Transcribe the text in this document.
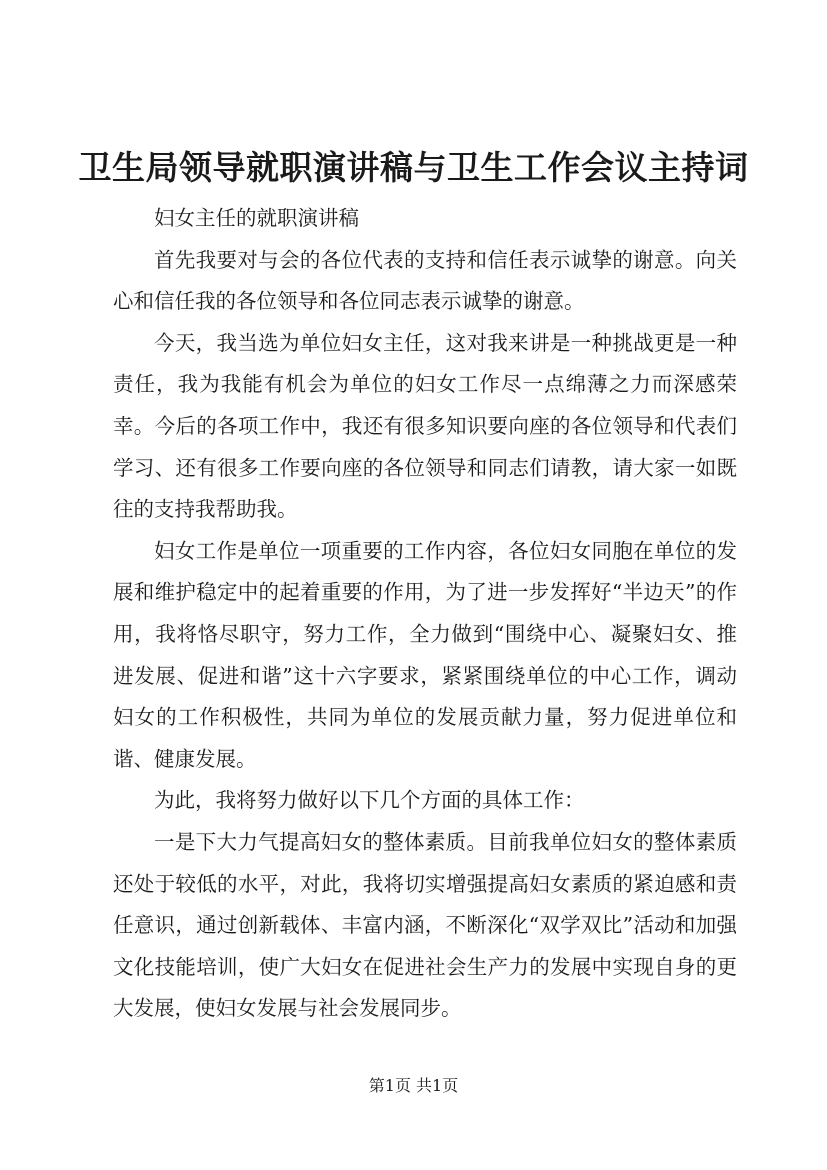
卫生局领导就职演讲稿与卫生工作会议主持词

妇女主任的就职演讲稿

首先我要对与会的各位代表的支持和信任表示诚挚的谢意。向关心和信任我的各位领导和各位同志表示诚挚的谢意。

今天，我当选为单位妇女主任，这对我来讲是一种挑战更是一种责任，我为我能有机会为单位的妇女工作尽一点绵薄之力而深感荣幸。今后的各项工作中，我还有很多知识要向座的各位领导和代表们学习、还有很多工作要向座的各位领导和同志们请教，请大家一如既往的支持我帮助我。

妇女工作是单位一项重要的工作内容，各位妇女同胞在单位的发展和维护稳定中的起着重要的作用，为了进一步发挥好“半边天”的作用，我将恪尽职守，努力工作，全力做到“围绕中心、凝聚妇女、推进发展、促进和谐”这十六字要求，紧紧围绕单位的中心工作，调动妇女的工作积极性，共同为单位的发展贡献力量，努力促进单位和谐、健康发展。

为此，我将努力做好以下几个方面的具体工作：

一是下大力气提高妇女的整体素质。目前我单位妇女的整体素质还处于较低的水平，对此，我将切实增强提高妇女素质的紧迫感和责任意识，通过创新载体、丰富内涵，不断深化“双学双比”活动和加强文化技能培训，使广大妇女在促进社会生产力的发展中实现自身的更大发展，使妇女发展与社会发展同步。

第1页 共1页
